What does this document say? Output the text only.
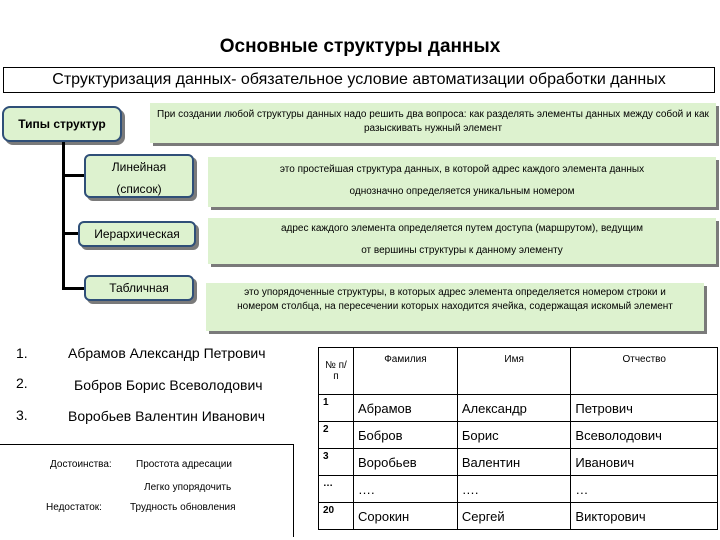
Основные структуры данных
Структуризация данных- обязательное условие автоматизации обработки данных
Типы структур
При создании любой структуры данных надо решить два вопроса: как разделять элементы данных между собой и как разыскивать нужный элемент
Линейная
(список)
Иерархическая
Табличная
это простейшая структура данных, в которой адрес каждого элемента данных
однозначно определяется уникальным номером
адрес каждого элемента определяется путем доступа (маршрутом), ведущим
от вершины структуры к данному элементу
это упорядоченные структуры, в которых адрес элемента определяется номером строки и номером столбца, на пересечении которых находится ячейка, содержащая искомый элемент
1.	Абрамов Александр Петрович
2.	Бобров Борис Всеволодович
3.	Воробьев Валентин Иванович
Достоинства: Простота адресации
Легко упорядочить
Недостаток:	Трудность обновления
№ п/п	Фамилия	Имя	Отчество
1	Абрамов	Александр	Петрович
2	Бобров	Борис	Всеволодович
3	Воробьев	Валентин	Иванович
…	….	….	…
20	Сорокин	Сергей	Викторович
